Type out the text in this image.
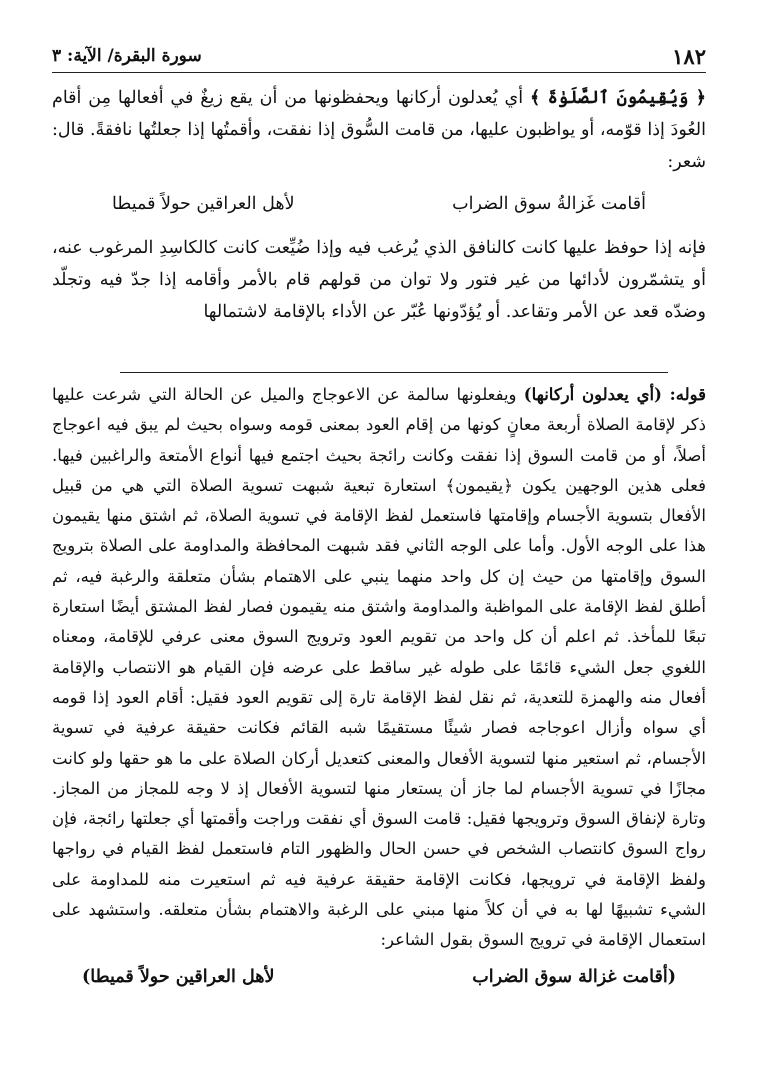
١٨٢
سورة البقرة/ الآية: ٣

﴿ وَيُقِيمُونَ ٱلصَّلَوٰةَ ﴾ أي يُعدلون أركانها ويحفظونها من أن يقع زيغٌ في أفعالها مِن أقام العُودَ إذا قوّمه، أو يواظبون عليها، من قامت السُّوق إذا نفقت، وأقمتُها إذا جعلتُها نافقةً. قال: شعر:

أقامت غَزالةُ سوق الضراب
لأهل العراقين حولاً قميطا

فإنه إذا حوفظ عليها كانت كالنافق الذي يُرغب فيه وإذا ضُيِّعت كانت كالكاسِدِ المرغوب عنه، أو يتشمّرون لأدائها من غير فتور ولا توان من قولهم قام بالأمر وأقامه إذا جدّ فيه وتجلّد وضدّه قعد عن الأمر وتقاعد. أو يُؤدّونها عُبّر عن الأداء بالإقامة لاشتمالها

قوله: (أي يعدلون أركانها) ويفعلونها سالمة عن الاعوجاج والميل عن الحالة التي شرعت عليها ذكر لإقامة الصلاة أربعة معانٍ كونها من إقام العود بمعنى قومه وسواه بحيث لم يبق فيه اعوجاج أصلاً، أو من قامت السوق إذا نفقت وكانت رائجة بحيث اجتمع فيها أنواع الأمتعة والراغبين فيها. فعلى هذين الوجهين يكون ﴿يقيمون﴾ استعارة تبعية شبهت تسوية الصلاة التي هي من قبيل الأفعال بتسوية الأجسام وإقامتها فاستعمل لفظ الإقامة في تسوية الصلاة، ثم اشتق منها يقيمون هذا على الوجه الأول. وأما على الوجه الثاني فقد شبهت المحافظة والمداومة على الصلاة بترويج السوق وإقامتها من حيث إن كل واحد منهما ينبي على الاهتمام بشأن متعلقة والرغبة فيه، ثم أطلق لفظ الإقامة على المواظبة والمداومة واشتق منه يقيمون فصار لفظ المشتق أيضًا استعارة تبعًا للمأخذ. ثم اعلم أن كل واحد من تقويم العود وترويج السوق معنى عرفي للإقامة، ومعناه اللغوي جعل الشيء قائمًا على طوله غير ساقط على عرضه فإن القيام هو الانتصاب والإقامة أفعال منه والهمزة للتعدية، ثم نقل لفظ الإقامة تارة إلى تقويم العود فقيل: أقام العود إذا قومه أي سواه وأزال اعوجاجه فصار شيئًا مستقيمًا شبه القائم فكانت حقيقة عرفية في تسوية الأجسام، ثم استعير منها لتسوية الأفعال والمعنى كتعديل أركان الصلاة على ما هو حقها ولو كانت مجازًا في تسوية الأجسام لما جاز أن يستعار منها لتسوية الأفعال إذ لا وجه للمجاز من المجاز. وتارة لإنفاق السوق وترويجها فقيل: قامت السوق أي نفقت وراجت وأقمتها أي جعلتها رائجة، فإن رواج السوق كانتصاب الشخص في حسن الحال والظهور التام فاستعمل لفظ القيام في رواجها ولفظ الإقامة في ترويجها، فكانت الإقامة حقيقة عرفية فيه ثم استعيرت منه للمداومة على الشيء تشبيهًا لها به في أن كلاً منها مبني على الرغبة والاهتمام بشأن متعلقه. واستشهد على استعمال الإقامة في ترويج السوق بقول الشاعر:

(أقامت غزالة سوق الضراب
لأهل العراقين حولاً قميطا)
